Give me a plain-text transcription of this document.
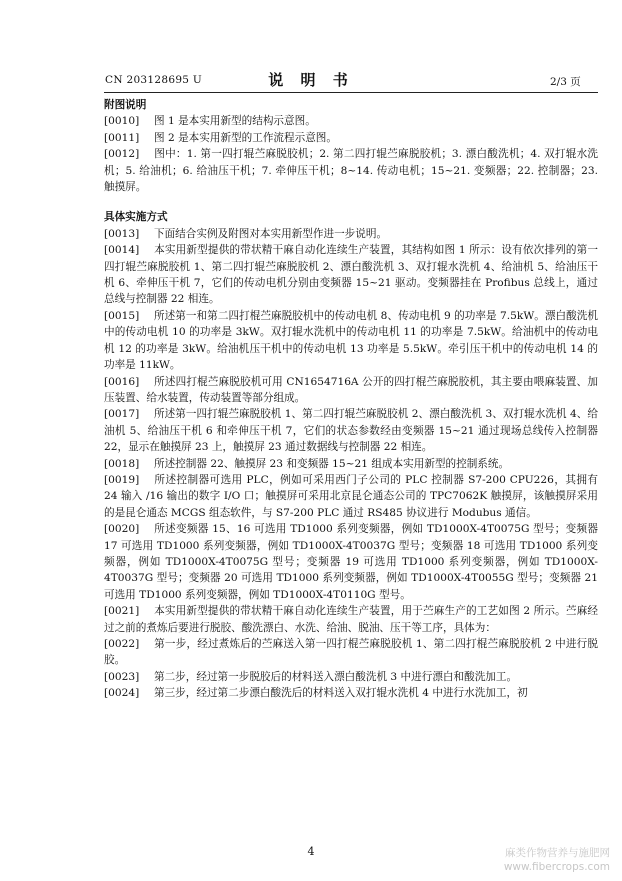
CN 203128695 U	说 明 书	2/3 页

附图说明

[0010] 图 1 是本实用新型的结构示意图。

[0011] 图 2 是本实用新型的工作流程示意图。

[0012] 图中：1. 第一四打辊苎麻脱胶机；2. 第二四打辊苎麻脱胶机；3. 漂白酸洗机；4. 双打辊水洗机；5. 给油机；6. 给油压干机；7. 牵伸压干机；8~14. 传动电机；15~21. 变频器；22. 控制器；23. 触摸屏。

具体实施方式

[0013] 下面结合实例及附图对本实用新型作进一步说明。

[0014] 本实用新型提供的带状精干麻自动化连续生产装置，其结构如图 1 所示：设有依次排列的第一四打辊苎麻脱胶机 1、第二四打辊苎麻脱胶机 2、漂白酸洗机 3、双打辊水洗机 4、给油机 5、给油压干机 6、牵伸压干机 7，它们的传动电机分别由变频器 15~21 驱动。变频器挂在 Profibus 总线上，通过总线与控制器 22 相连。

[0015] 所述第一和第二四打棍苎麻脱胶机中的传动电机 8、传动电机 9 的功率是 7.5kW。漂白酸洗机中的传动电机 10 的功率是 3kW。双打辊水洗机中的传动电机 11 的功率是 7.5kW。给油机中的传动电机 12 的功率是 3kW。给油机压干机中的传动电机 13 功率是 5.5kW。牵引压干机中的传动电机 14 的功率是 11kW。

[0016] 所述四打棍苎麻脱胶机可用 CN1654716A 公开的四打棍苎麻脱胶机，其主要由喂麻装置、加压装置、给水装置，传动装置等部分组成。

[0017] 所述第一四打辊苎麻脱胶机 1、第二四打辊苎麻脱胶机 2、漂白酸洗机 3、双打辊水洗机 4、给油机 5、给油压干机 6 和牵伸压干机 7，它们的状态参数经由变频器 15~21 通过现场总线传入控制器 22，显示在触摸屏 23 上，触摸屏 23 通过数据线与控制器 22 相连。

[0018] 所述控制器 22、触摸屏 23 和变频器 15~21 组成本实用新型的控制系统。

[0019] 所述控制器可选用 PLC，例如可采用西门子公司的 PLC 控制器 S7-200 CPU226，其拥有 24 输入 /16 输出的数字 I/O 口；触摸屏可采用北京昆仑通态公司的 TPC7062K 触摸屏，该触摸屏采用的是昆仑通态 MCGS 组态软件，与 S7-200 PLC 通过 RS485 协议进行 Modubus 通信。

[0020] 所述变频器 15、16 可选用 TD1000 系列变频器，例如 TD1000X-4T0075G 型号；变频器 17 可选用 TD1000 系列变频器，例如 TD1000X-4T0037G 型号；变频器 18 可选用 TD1000 系列变频器，例如 TD1000X-4T0075G 型号；变频器 19 可选用 TD1000 系列变频器，例如 TD1000X-4T0037G 型号；变频器 20 可选用 TD1000 系列变频器，例如 TD1000X-4T0055G 型号；变频器 21 可选用 TD1000 系列变频器，例如 TD1000X-4T0110G 型号。

[0021] 本实用新型提供的带状精干麻自动化连续生产装置，用于苎麻生产的工艺如图 2 所示。苎麻经过之前的煮炼后要进行脱胶、酸洗漂白、水洗、给油、脱油、压干等工序，具体为：

[0022] 第一步，经过煮炼后的苎麻送入第一四打棍苎麻脱胶机 1、第二四打棍苎麻脱胶机 2 中进行脱胶。

[0023] 第二步，经过第一步脱胶后的材料送入漂白酸洗机 3 中进行漂白和酸洗加工。

[0024] 第三步，经过第二步漂白酸洗后的材料送入双打辊水洗机 4 中进行水洗加工，初

4	麻类作物营养与施肥网
www.fibercrops.com
